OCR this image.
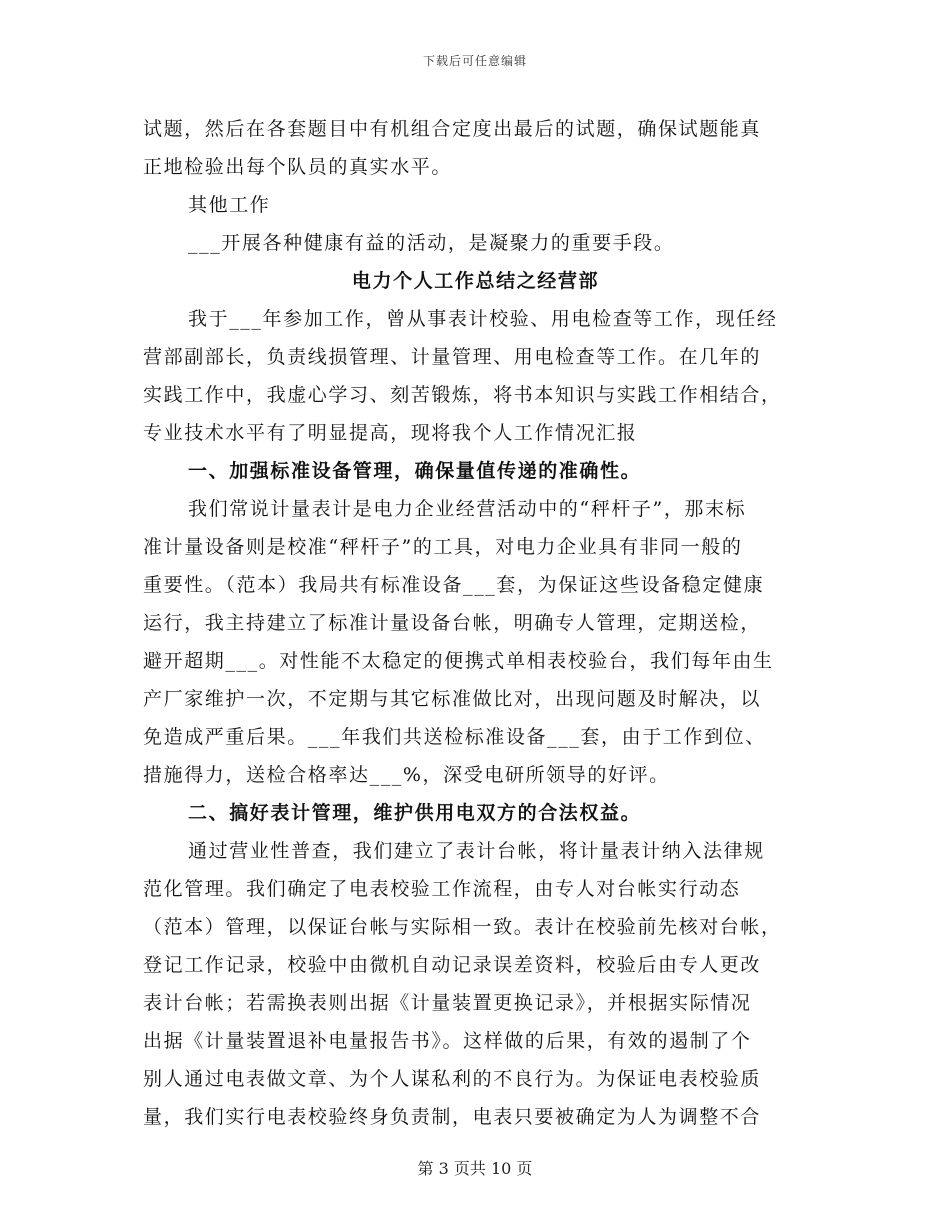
下载后可任意编辑
试题，然后在各套题目中有机组合定度出最后的试题，确保试题能真
正地检验出每个队员的真实水平。
其他工作
___开展各种健康有益的活动，是凝聚力的重要手段。
电力个人工作总结之经营部
我于___年参加工作，曾从事表计校验、用电检查等工作，现任经
营部副部长，负责线损管理、计量管理、用电检查等工作。在几年的
实践工作中，我虚心学习、刻苦锻炼，将书本知识与实践工作相结合，
专业技术水平有了明显提高，现将我个人工作情况汇报
一、加强标准设备管理，确保量值传递的准确性。
我们常说计量表计是电力企业经营活动中的“秤杆子”，那末标
准计量设备则是校准“秤杆子”的工具，对电力企业具有非同一般的
重要性。（范本）我局共有标准设备___套，为保证这些设备稳定健康
运行，我主持建立了标准计量设备台帐，明确专人管理，定期送检，
避开超期___。对性能不太稳定的便携式单相表校验台，我们每年由生
产厂家维护一次，不定期与其它标准做比对，出现问题及时解决，以
免造成严重后果。___年我们共送检标准设备___套，由于工作到位、
措施得力，送检合格率达___%，深受电研所领导的好评。
二、搞好表计管理，维护供用电双方的合法权益。
通过营业性普查，我们建立了表计台帐，将计量表计纳入法律规
范化管理。我们确定了电表校验工作流程，由专人对台帐实行动态
（范本）管理，以保证台帐与实际相一致。表计在校验前先核对台帐，
登记工作记录，校验中由微机自动记录误差资料，校验后由专人更改
表计台帐；若需换表则出据《计量装置更换记录》，并根据实际情况
出据《计量装置退补电量报告书》。这样做的后果，有效的遏制了个
别人通过电表做文章、为个人谋私利的不良行为。为保证电表校验质
量，我们实行电表校验终身负责制，电表只要被确定为人为调整不合
第 3 页共 10 页
